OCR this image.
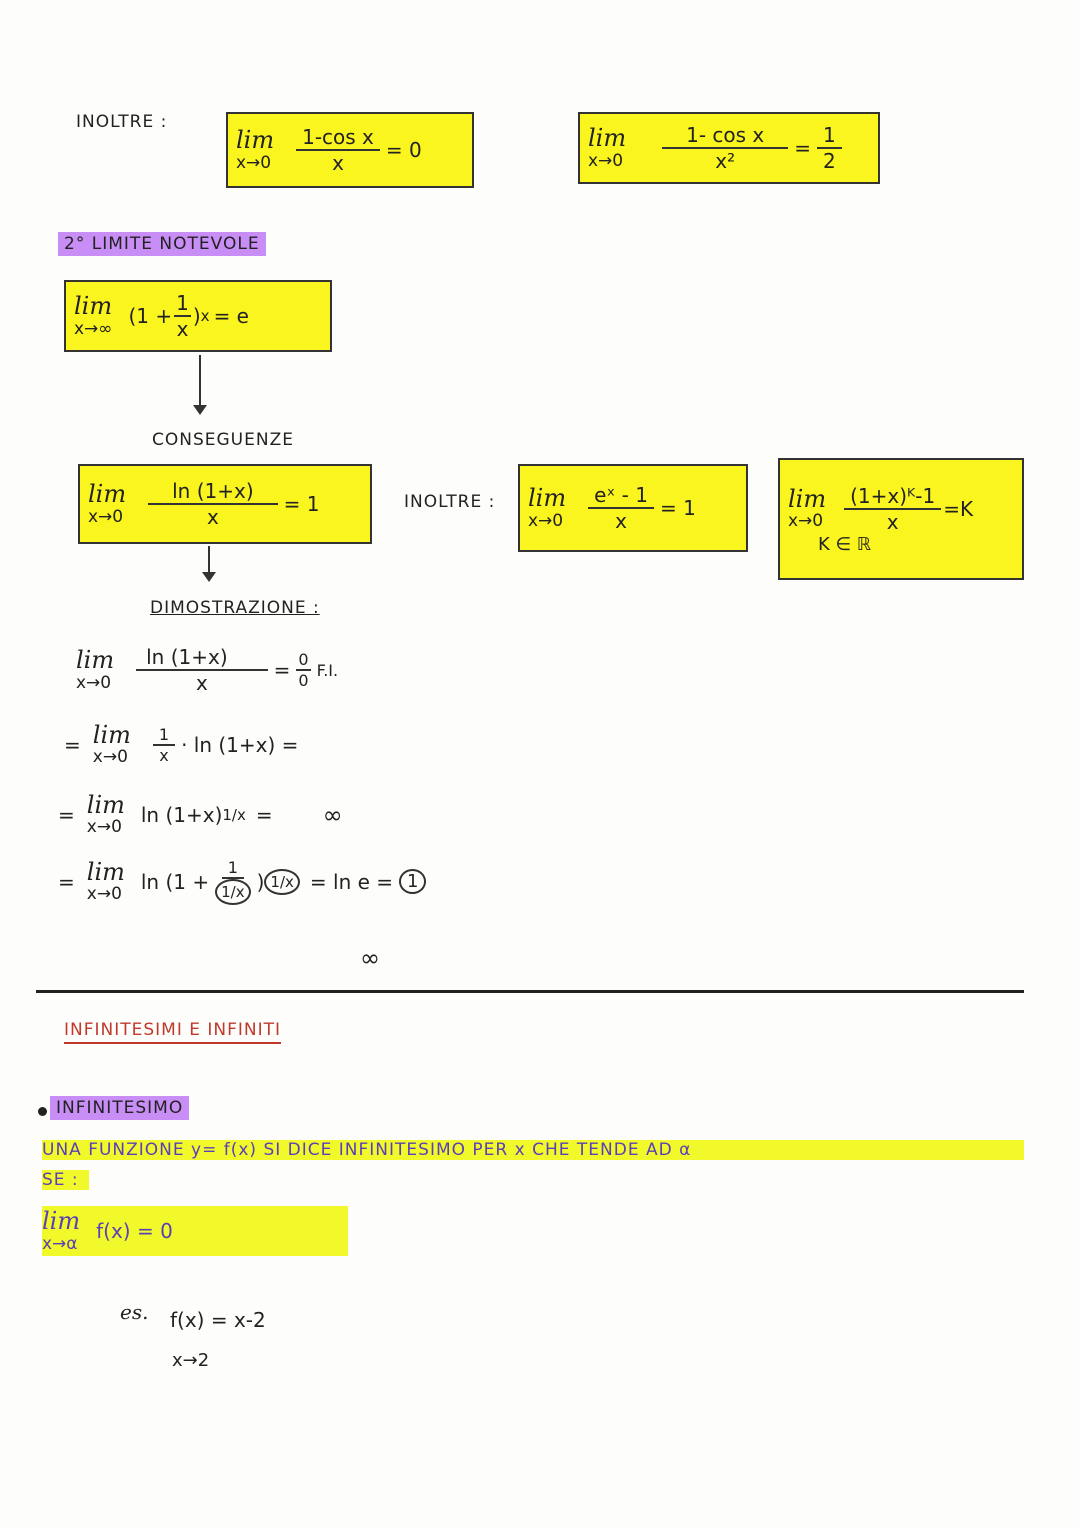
INOLTRE :
lim
$x\to 0 \frac{\text{1-cos x}}{x} = 0$	lim
$x\to 0 \frac{\text{1- cos x}}{\text{x²}} = \frac{1}{2}$
2° LIMITE NOTEVOLE
lim
x→∞
($1 + \frac{1}{x}$ ) x = e
CONSEGUENZE
lim
$x\to 0 \frac{\ln (1+x)}{x} = 1$	INOLTRE : lim
$x\to 0 \frac{\text{eˣ - 1}}{x} = 1$	lim
$x\to 0 \frac{\text{(1+x)ᴷ-1}}{x} =K$
K ∈ ℝ
DIMOSTRAZIONE :
lim
$x\to 0 \frac{\ln (1+x)}{x} = \frac{0}{0} F.I$.
= lim
$x\to 0 \frac{1}{x} \cdot \ln (1+x)$ =
= lim
x→0
ln (1+x) 1/x = ∞
= lim
x→0
$\ln (1 + \frac{1}{1/x}$ ) 1/x = ln e = 1
∞
INFINITESIMI E INFINITI
INFINITESIMO
UNA FUNZIONE y= f(x) SI DICE INFINITESIMO PER x CHE TENDE AD α
SE :
lim
x→α
f(x) = 0
es. f(x) = x-2
x→2
